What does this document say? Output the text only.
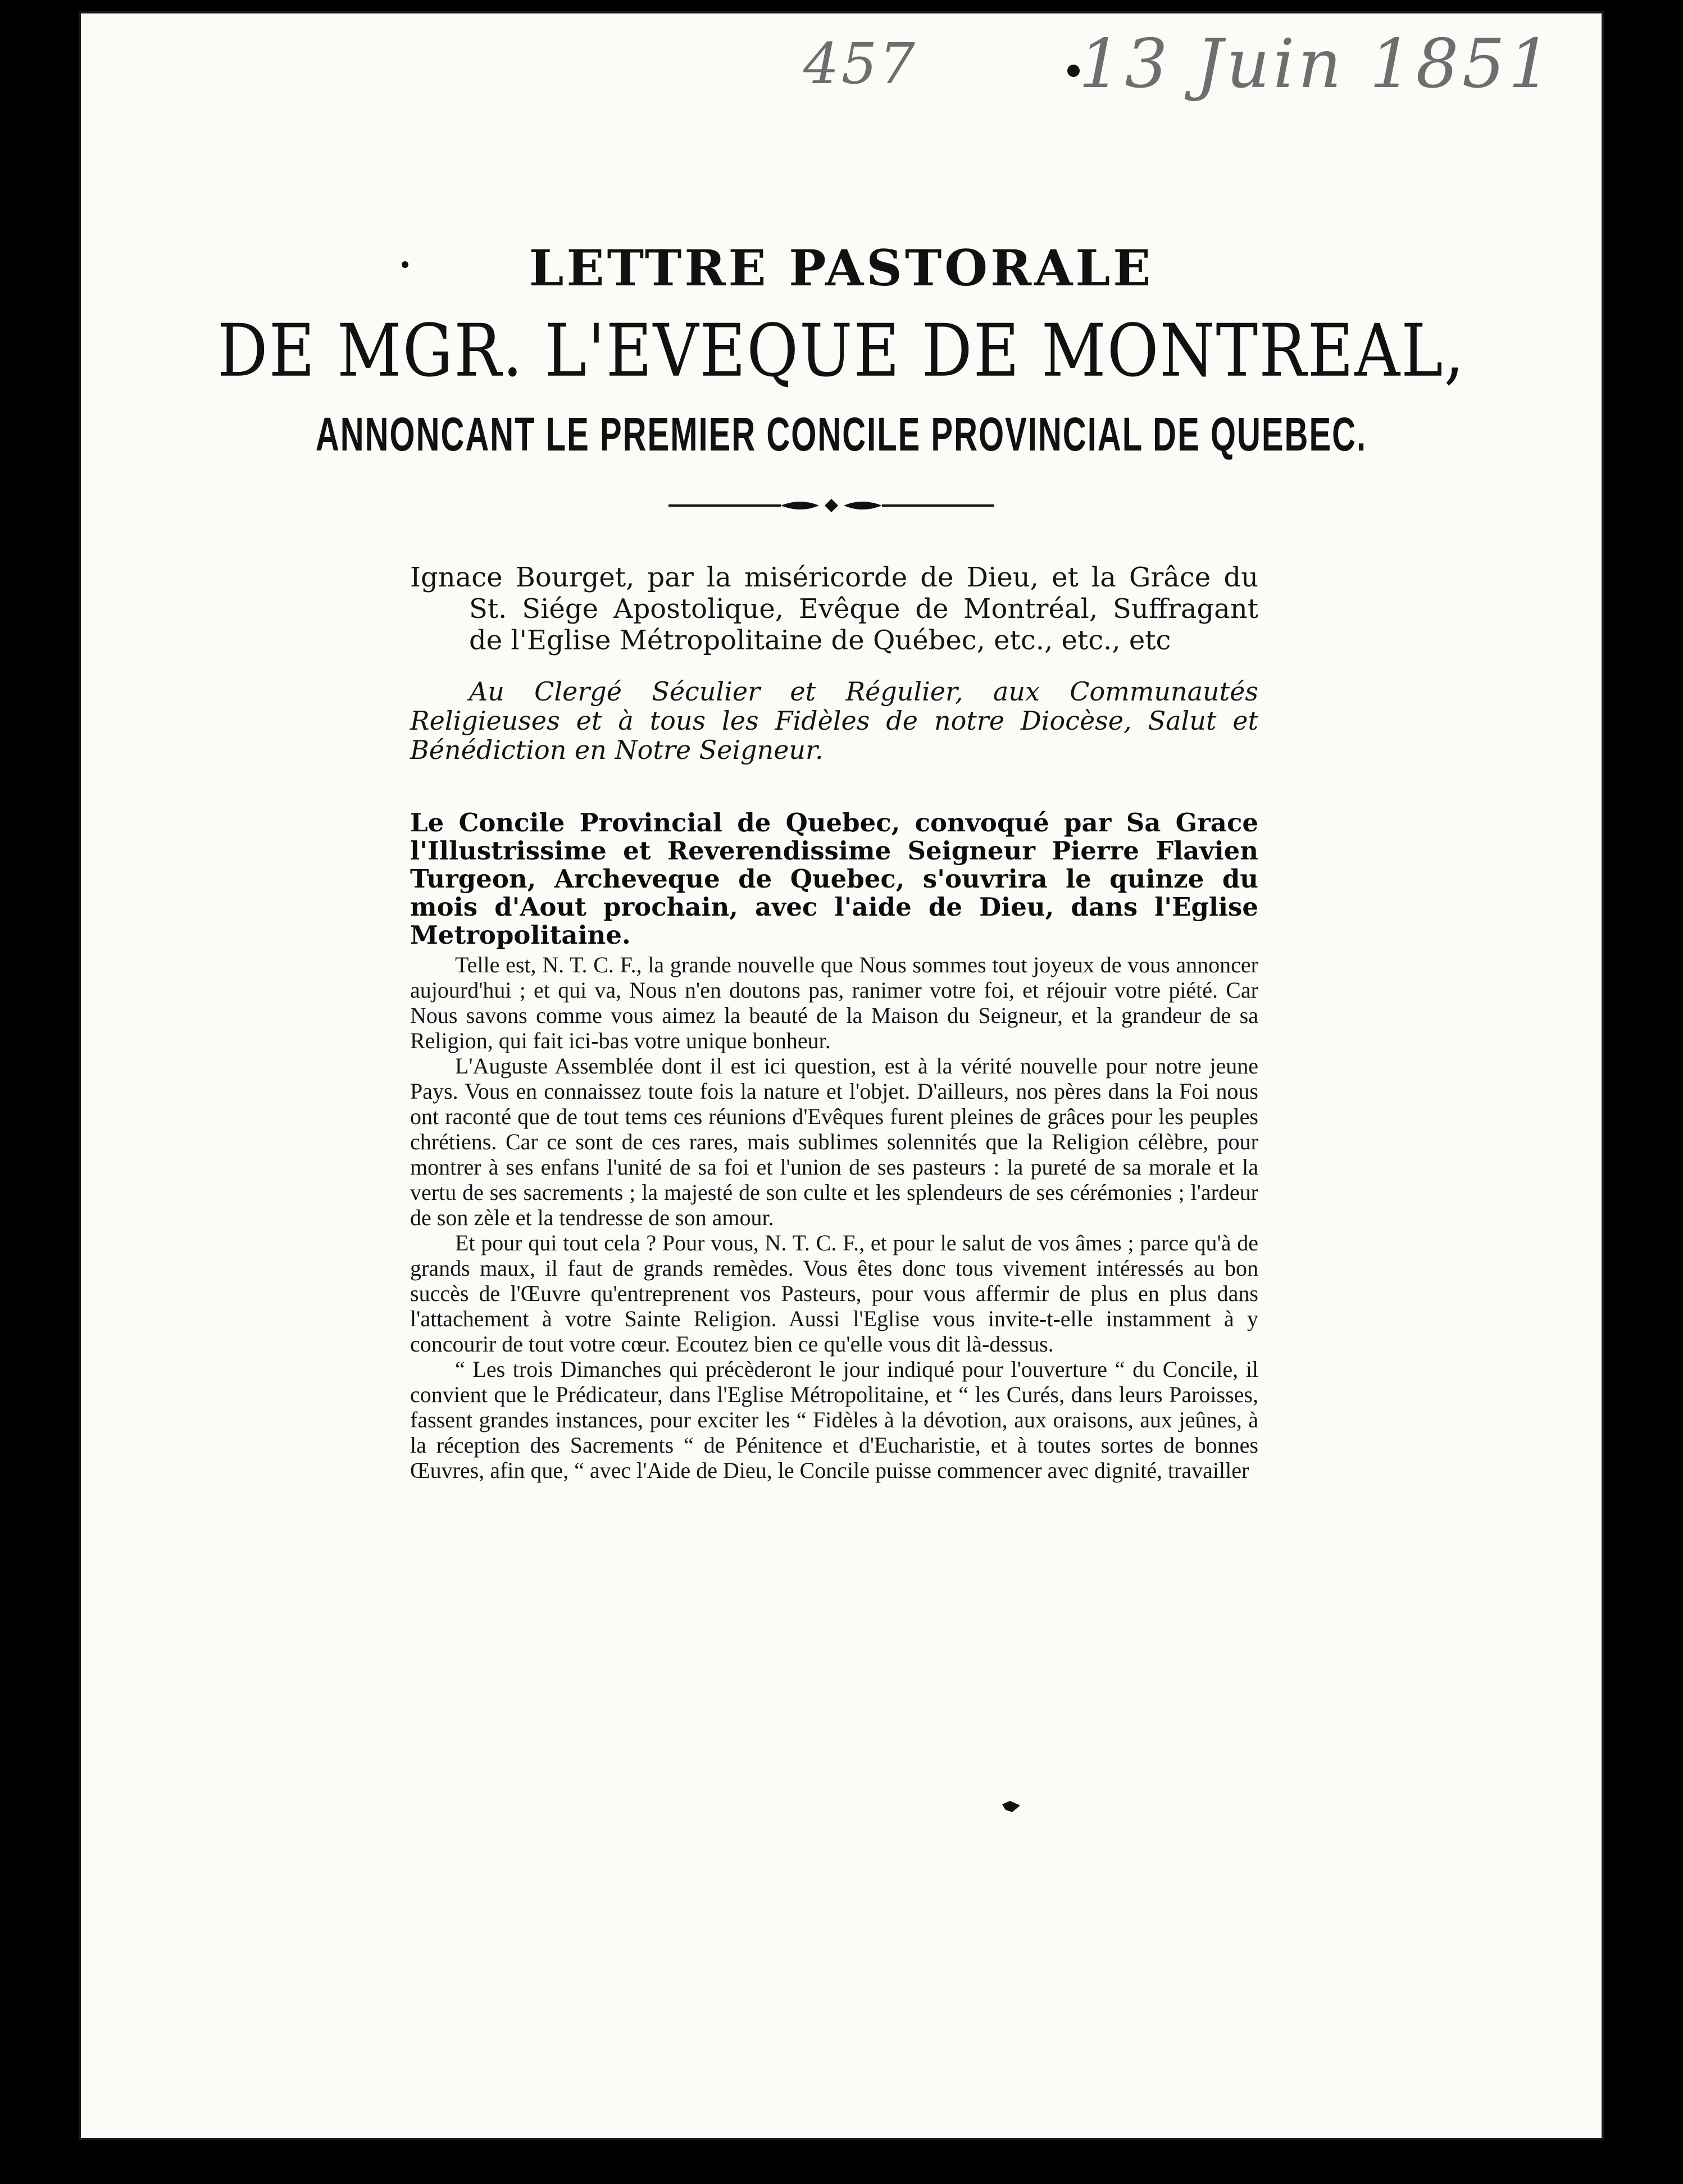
457 13 Juin 1851
LETTRE PASTORALE
DE MGR. L'EVEQUE DE MONTREAL,
ANNONCANT LE PREMIER CONCILE PROVINCIAL DE QUEBEC.
Ignace Bourget, par la miséricorde de Dieu, et la Grâce du
St. Siége Apostolique, Evêque de Montréal, Suffragant
de l'Eglise Métropolitaine de Québec, etc., etc., etc

Au Clergé Séculier et Régulier, aux Communautés Religieuses et à tous les Fidèles de notre Diocèse, Salut et Bénédiction en Notre Seigneur.

Le Concile Provincial de Quebec, convoqué par Sa Grace l'Illustrissime et Reverendissime Seigneur Pierre Flavien Turgeon, Archeveque de Quebec, s'ouvrira le quinze du mois d'Aout prochain, avec l'aide de Dieu, dans l'Eglise Metropolitaine.

Telle est, N. T. C. F., la grande nouvelle que Nous sommes tout joyeux de vous annoncer aujourd'hui ; et qui va, Nous n'en doutons pas, ranimer votre foi, et réjouir votre piété. Car Nous savons comme vous aimez la beauté de la Maison du Seigneur, et la grandeur de sa Religion, qui fait ici-bas votre unique bonheur.

L'Auguste Assemblée dont il est ici question, est à la vérité nouvelle pour notre jeune Pays. Vous en connaissez toute fois la nature et l'objet. D'ailleurs, nos pères dans la Foi nous ont raconté que de tout tems ces réunions d'Evêques furent pleines de grâces pour les peuples chrétiens. Car ce sont de ces rares, mais sublimes solennités que la Religion célèbre, pour montrer à ses enfans l'unité de sa foi et l'union de ses pasteurs : la pureté de sa morale et la vertu de ses sacrements ; la majesté de son culte et les splendeurs de ses cérémonies ; l'ardeur de son zèle et la tendresse de son amour.

Et pour qui tout cela ? Pour vous, N. T. C. F., et pour le salut de vos âmes ; parce qu'à de grands maux, il faut de grands remèdes. Vous êtes donc tous vivement intéressés au bon succès de l'Œuvre qu'entreprenent vos Pasteurs, pour vous affermir de plus en plus dans l'attachement à votre Sainte Religion. Aussi l'Eglise vous invite-t-elle instamment à y concourir de tout votre cœur. Ecoutez bien ce qu'elle vous dit là-dessus.

“ Les trois Dimanches qui précèderont le jour indiqué pour l'ouverture “ du Concile, il convient que le Prédicateur, dans l'Eglise Métropolitaine, et “ les Curés, dans leurs Paroisses, fassent grandes instances, pour exciter les “ Fidèles à la dévotion, aux oraisons, aux jeûnes, à la réception des Sacrements “ de Pénitence et d'Eucharistie, et à toutes sortes de bonnes Œuvres, afin que, “ avec l'Aide de Dieu, le Concile puisse commencer avec dignité, travailler
